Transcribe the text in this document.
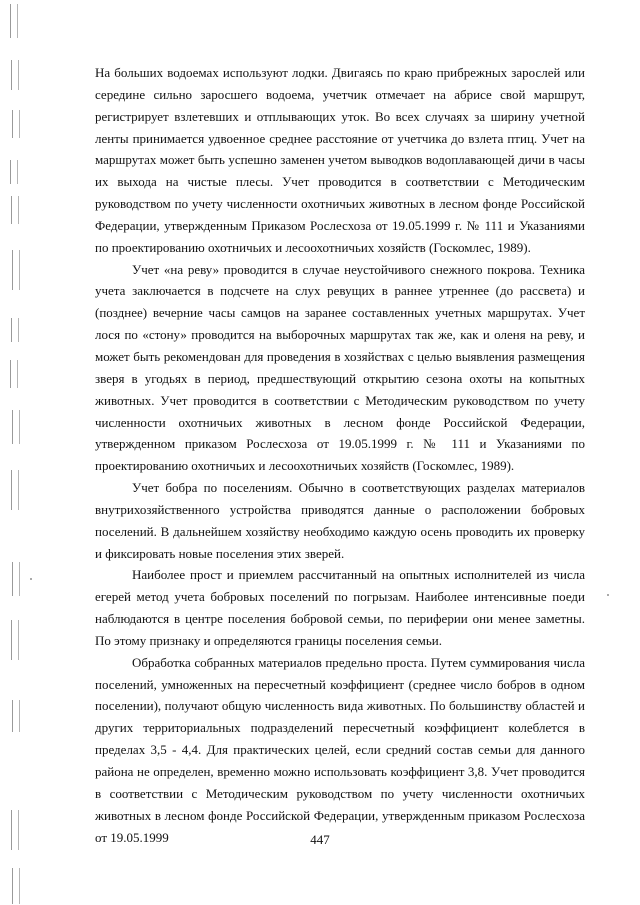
На больших водоемах используют лодки. Двигаясь по краю прибрежных зарослей или середине сильно заросшего водоема, учетчик отмечает на абрисе свой маршрут, регистрирует взлетевших и отплывающих уток. Во всех случаях за ширину учетной ленты принимается удвоенное среднее расстояние от учетчика до взлета птиц. Учет на маршрутах может быть успешно заменен учетом выводков водоплавающей дичи в часы их выхода на чистые плесы. Учет проводится в соответствии с Методическим руководством по учету численности охотничьих животных в лесном фонде Российской Федерации, утвержденным Приказом Рослесхоза от 19.05.1999 г. № 111 и Указаниями по проектированию охотничьих и лесоохотничьих хозяйств (Госкомлес, 1989).

Учет «на реву» проводится в случае неустойчивого снежного покрова. Техника учета заключается в подсчете на слух ревущих в раннее утреннее (до рассвета) и (позднее) вечерние часы самцов на заранее составленных учетных маршрутах. Учет лося по «стону» проводится на выборочных маршрутах так же, как и оленя на реву, и может быть рекомендован для проведения в хозяйствах с целью выявления размещения зверя в угодьях в период, предшествующий открытию сезона охоты на копытных животных. Учет проводится в соответствии с Методическим руководством по учету численности охотничьих животных в лесном фонде Российской Федерации, утвержденном приказом Рослесхоза от 19.05.1999 г. № 111 и Указаниями по проектированию охотничьих и лесоохотничьих хозяйств (Госкомлес, 1989).

Учет бобра по поселениям. Обычно в соответствующих разделах материалов внутрихозяйственного устройства приводятся данные о расположении бобровых поселений. В дальнейшем хозяйству необходимо каждую осень проводить их проверку и фиксировать новые поселения этих зверей.

Наиболее прост и приемлем рассчитанный на опытных исполнителей из числа егерей метод учета бобровых поселений по погрызам. Наиболее интенсивные поеди наблюдаются в центре поселения бобровой семьи, по периферии они менее заметны. По этому признаку и определяются границы поселения семьи.

Обработка собранных материалов предельно проста. Путем суммирования числа поселений, умноженных на пересчетный коэффициент (среднее число бобров в одном поселении), получают общую численность вида животных. По большинству областей и других территориальных подразделений пересчетный коэффициент колеблется в пределах 3,5 - 4,4. Для практических целей, если средний состав семьи для данного района не определен, временно можно использовать коэффициент 3,8. Учет проводится в соответствии с Методическим руководством по учету численности охотничьих животных в лесном фонде Российской Федерации, утвержденным приказом Рослесхоза от 19.05.1999	447
